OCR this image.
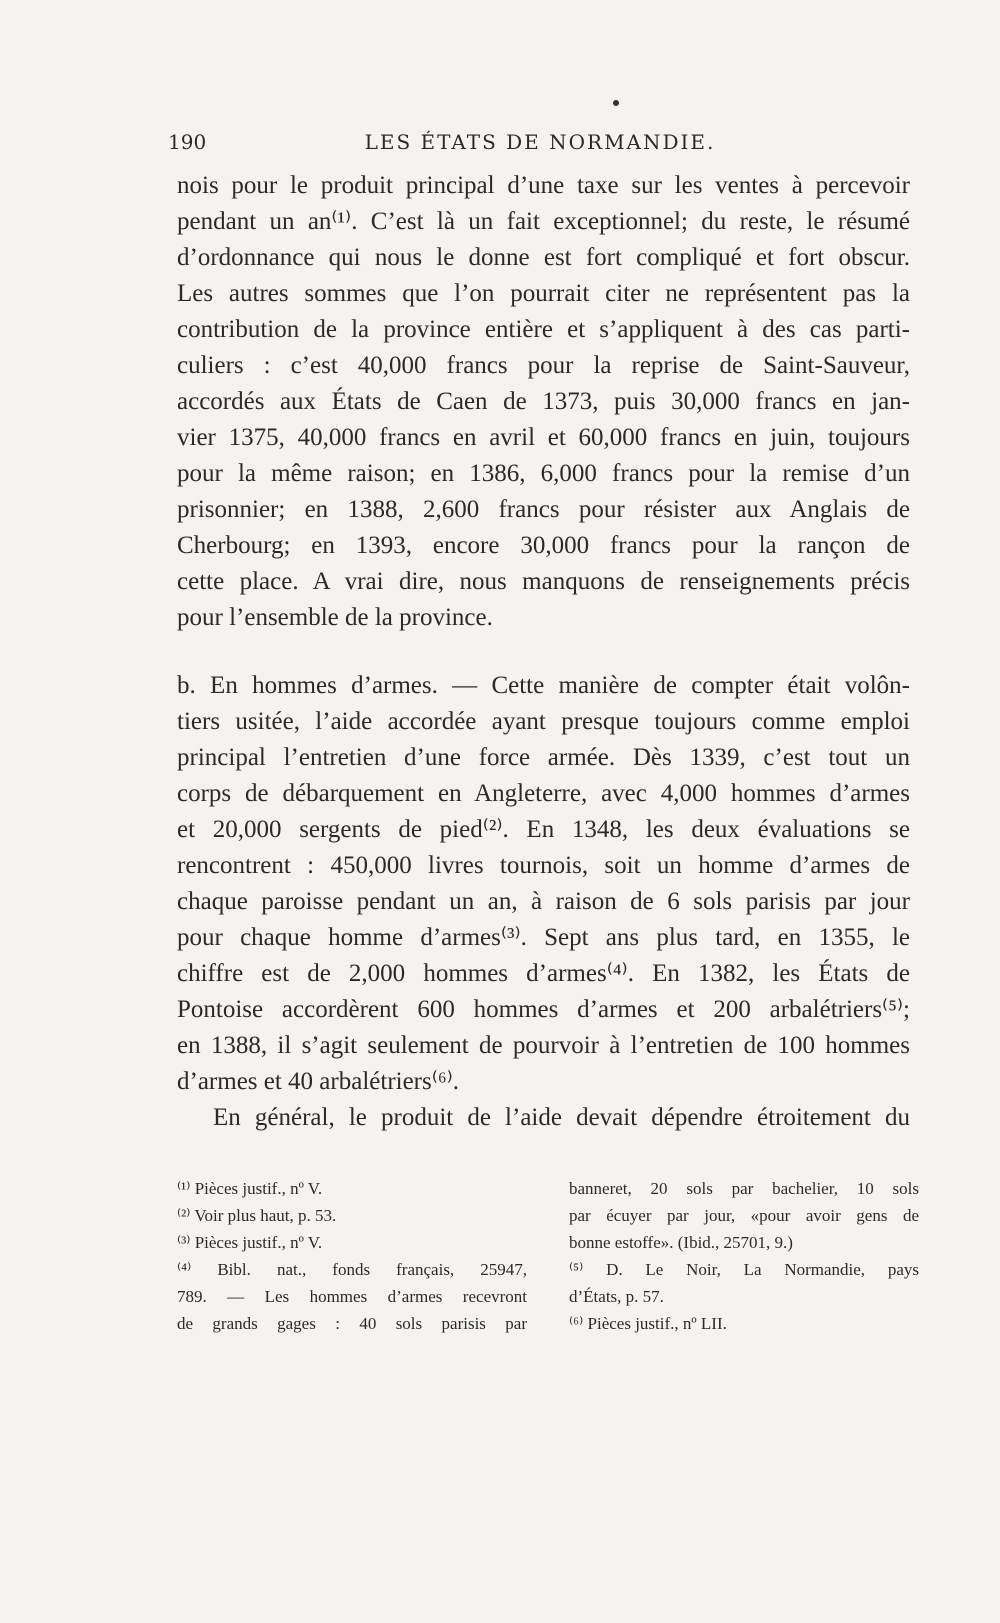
190	LES ÉTATS DE NORMANDIE.
nois pour le produit principal d’une taxe sur les ventes à percevoir
pendant un an⁽¹⁾. C’est là un fait exceptionnel; du reste, le résumé
d’ordonnance qui nous le donne est fort compliqué et fort obscur.
Les autres sommes que l’on pourrait citer ne représentent pas la
contribution de la province entière et s’appliquent à des cas parti-
culiers : c’est 40,000 francs pour la reprise de Saint-Sauveur,
accordés aux États de Caen de 1373, puis 30,000 francs en jan-
vier 1375, 40,000 francs en avril et 60,000 francs en juin, toujours
pour la même raison; en 1386, 6,000 francs pour la remise d’un
prisonnier; en 1388, 2,600 francs pour résister aux Anglais de
Cherbourg; en 1393, encore 30,000 francs pour la rançon de
cette place. A vrai dire, nous manquons de renseignements précis
pour l’ensemble de la province.
b. En hommes d’armes. — Cette manière de compter était volôn-
tiers usitée, l’aide accordée ayant presque toujours comme emploi
principal l’entretien d’une force armée. Dès 1339, c’est tout un
corps de débarquement en Angleterre, avec 4,000 hommes d’armes
et 20,000 sergents de pied⁽²⁾. En 1348, les deux évaluations se
rencontrent : 450,000 livres tournois, soit un homme d’armes de
chaque paroisse pendant un an, à raison de 6 sols parisis par jour
pour chaque homme d’armes⁽³⁾. Sept ans plus tard, en 1355, le
chiffre est de 2,000 hommes d’armes⁽⁴⁾. En 1382, les États de
Pontoise accordèrent 600 hommes d’armes et 200 arbalétriers⁽⁵⁾;
en 1388, il s’agit seulement de pourvoir à l’entretien de 100 hommes
d’armes et 40 arbalétriers⁽⁶⁾.
En général, le produit de l’aide devait dépendre étroitement du
⁽¹⁾ Pièces justif., nº V.
⁽²⁾ Voir plus haut, p. 53.
⁽³⁾ Pièces justif., nº V.
⁽⁴⁾ Bibl. nat., fonds français, 25947,
789. — Les hommes d’armes recevront
de grands gages : 40 sols parisis par
banneret, 20 sols par bachelier, 10 sols
par écuyer par jour, «pour avoir gens de
bonne estoffe». (Ibid., 25701, 9.)
⁽⁵⁾ D. Le Noir, La Normandie, pays
d’États, p. 57.
⁽⁶⁾ Pièces justif., nº LII.
